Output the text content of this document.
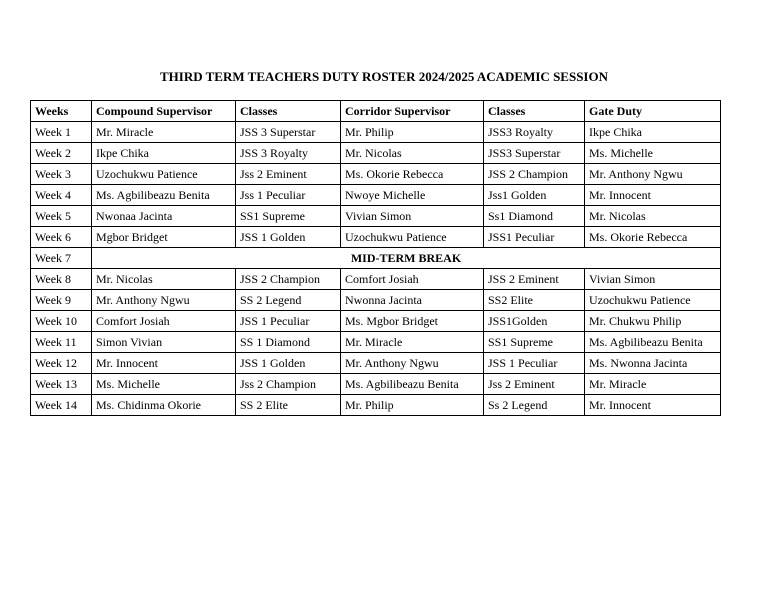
THIRD TERM TEACHERS DUTY ROSTER 2024/2025 ACADEMIC SESSION
Weeks	Compound Supervisor	Classes	Corridor Supervisor	Classes	Gate Duty
Week 1	Mr. Miracle	JSS 3 Superstar	Mr. Philip	JSS3 Royalty	Ikpe Chika
Week 2	Ikpe Chika	JSS 3 Royalty	Mr. Nicolas	JSS3 Superstar	Ms. Michelle
Week 3	Uzochukwu Patience	Jss 2 Eminent	Ms. Okorie Rebecca	JSS 2 Champion	Mr. Anthony Ngwu
Week 4	Ms. Agbilibeazu Benita	Jss 1 Peculiar	Nwoye Michelle	Jss1 Golden	Mr. Innocent
Week 5	Nwonaa Jacinta	SS1 Supreme	Vivian Simon	Ss1 Diamond	Mr. Nicolas
Week 6	Mgbor Bridget	JSS 1 Golden	Uzochukwu Patience	JSS1 Peculiar	Ms. Okorie Rebecca
Week 7	MID-TERM BREAK				
Week 8	Mr. Nicolas	JSS 2 Champion	Comfort Josiah	JSS 2 Eminent	Vivian Simon
Week 9	Mr. Anthony Ngwu	SS 2 Legend	Nwonna Jacinta	SS2 Elite	Uzochukwu Patience
Week 10	Comfort Josiah	JSS 1 Peculiar	Ms. Mgbor Bridget	JSS1Golden	Mr. Chukwu Philip
Week 11	Simon Vivian	SS 1 Diamond	Mr. Miracle	SS1 Supreme	Ms. Agbilibeazu Benita
Week 12	Mr. Innocent	JSS 1 Golden	Mr. Anthony Ngwu	JSS 1 Peculiar	Ms. Nwonna Jacinta
Week 13	Ms. Michelle	Jss 2 Champion	Ms. Agbilibeazu Benita	Jss 2 Eminent	Mr. Miracle
Week 14	Ms. Chidinma Okorie	SS 2 Elite	Mr. Philip	Ss 2 Legend	Mr. Innocent
